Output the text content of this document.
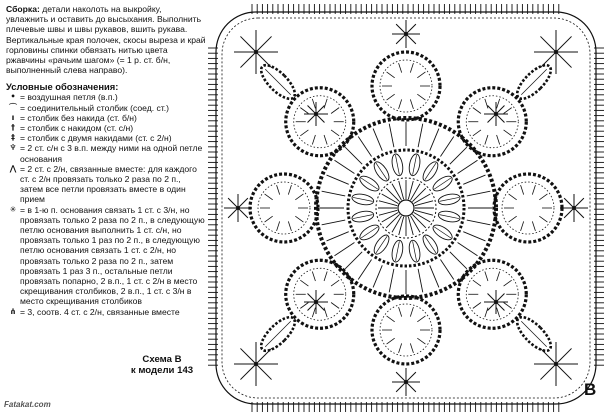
Сборка: детали наколоть на выкройку, увлажнить и оставить до высыхания. Выполнить плечевые швы и швы рукавов, вшить рукава. Вертикальные края полочек, скосы выреза и край горловины спинки обвязать нитью цвета ржавчины «рачьим шагом» (= 1 р. ст. б/н, выполненный слева направо).

Условные обозначения:

• = воздушная петля (в.п.)
⌒ = соединительный столбик (соед. ст.)
ı = столбик без накида (ст. б/н)
† = столбик с накидом (ст. с/н)
‡ = столбик с двумя накидами (ст. с 2/н)
♆ = 2 ст. с/н с 3 в.п. между ними на одной петле основания
⋀ = 2 ст. с 2/н, связанные вместе: для каждого ст. с 2/н провязать только 2 раза по 2 п., затем все петли провязать вместе в один прием
✳ = в 1-ю п. основания связать 1 ст. с 3/н, но провязать только 2 раза по 2 п., в следующую петлю основания выполнить 1 ст. с/н, но провязать только 1 раз по 2 п., в следующую петлю основания связать 1 ст. с 2/н, но провязать только 2 раза по 2 п., затем провязать 1 раз 3 п., остальные петли провязать попарно, 2 в.п., 1 ст. с 2/н в место скрещивания столбиков, 2 в.п., 1 ст. с 3/н в место скрещивания столбиков
⋔ = 3, соотв. 4 ст. с 2/н, связанные вместе
Схема В
к модели 143
Fatakat.com
B
